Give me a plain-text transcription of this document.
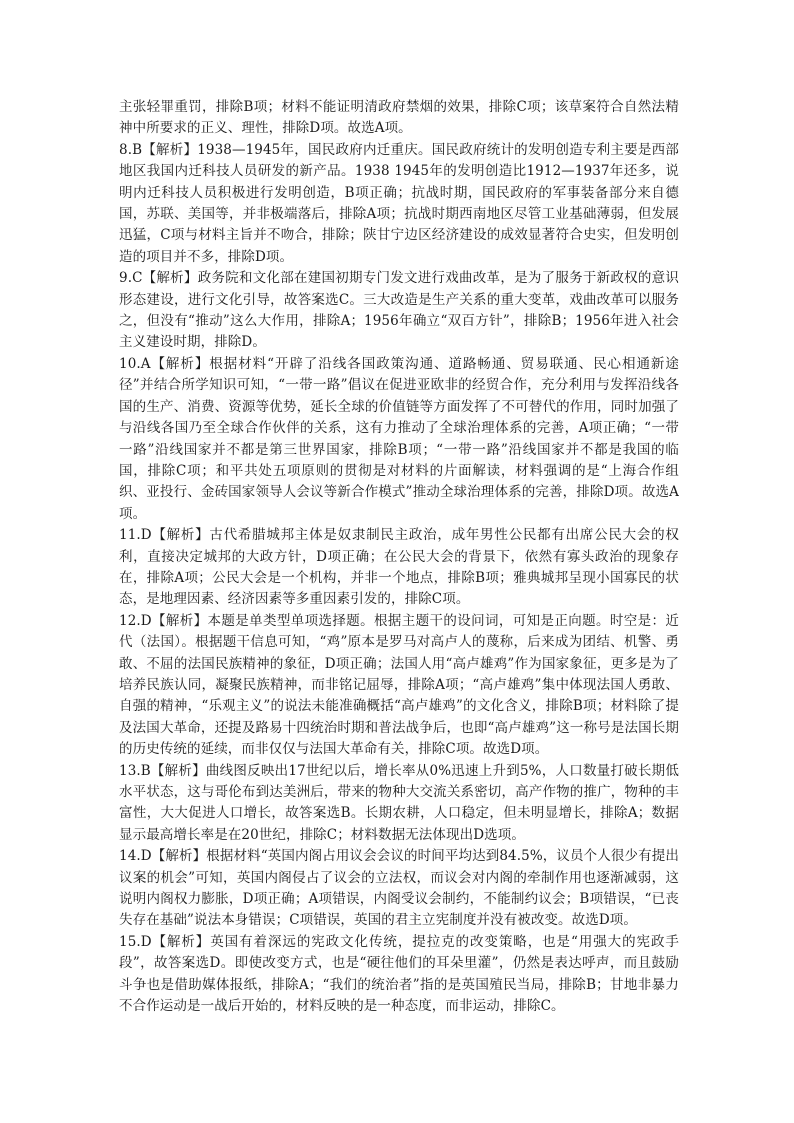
主张轻罪重罚，排除B项；材料不能证明清政府禁烟的效果，排除C项；该草案符合自然法精神中所要求的正义、理性，排除D项。故选A项。

8.B【解析】1938—1945年，国民政府内迁重庆。国民政府统计的发明创造专利主要是西部地区我国内迁科技人员研发的新产品。1938 1945年的发明创造比1912—1937年还多，说明内迁科技人员积极进行发明创造，B项正确；抗战时期，国民政府的军事装备部分来自德国，苏联、美国等，并非极端落后，排除A项；抗战时期西南地区尽管工业基础薄弱，但发展迅猛，C项与材料主旨并不吻合，排除；陕甘宁边区经济建设的成效显著符合史实，但发明创造的项目并不多，排除D项。

9.C【解析】政务院和文化部在建国初期专门发文进行戏曲改革，是为了服务于新政权的意识形态建设，进行文化引导，故答案选C。三大改造是生产关系的重大变革，戏曲改革可以服务之，但没有“推动”这么大作用，排除A；1956年确立“双百方针”，排除B；1956年进入社会主义建设时期，排除D。

10.A【解析】根据材料“开辟了沿线各国政策沟通、道路畅通、贸易联通、民心相通新途径”并结合所学知识可知，“一带一路”倡议在促进亚欧非的经贸合作，充分利用与发挥沿线各国的生产、消费、资源等优势，延长全球的价值链等方面发挥了不可替代的作用，同时加强了与沿线各国乃至全球合作伙伴的关系，这有力推动了全球治理体系的完善，A项正确；“一带一路”沿线国家并不都是第三世界国家，排除B项；“一带一路”沿线国家并不都是我国的临国，排除C项；和平共处五项原则的贯彻是对材料的片面解读，材料强调的是“上海合作组织、亚投行、金砖国家领导人会议等新合作模式”推动全球治理体系的完善，排除D项。故选A项。

11.D【解析】古代希腊城邦主体是奴隶制民主政治，成年男性公民都有出席公民大会的权利，直接决定城邦的大政方针，D项正确；在公民大会的背景下，依然有寡头政治的现象存在，排除A项；公民大会是一个机构，并非一个地点，排除B项；雅典城邦呈现小国寡民的状态，是地理因素、经济因素等多重因素引发的，排除C项。

12.D【解析】本题是单类型单项选择题。根据主题干的设问词，可知是正向题。时空是：近代（法国）。根据题干信息可知，“鸡”原本是罗马对高卢人的蔑称，后来成为团结、机警、勇敢、不屈的法国民族精神的象征，D项正确；法国人用“高卢雄鸡”作为国家象征，更多是为了培养民族认同，凝聚民族精神，而非铭记屈辱，排除A项；“高卢雄鸡”集中体现法国人勇敢、自强的精神，“乐观主义”的说法未能准确概括“高卢雄鸡”的文化含义，排除B项；材料除了提及法国大革命，还提及路易十四统治时期和普法战争后，也即“高卢雄鸡”这一称号是法国长期的历史传统的延续，而非仅仅与法国大革命有关，排除C项。故选D项。

13.B【解析】曲线图反映出17世纪以后，增长率从0%迅速上升到5%，人口数量打破长期低水平状态，这与哥伦布到达美洲后，带来的物种大交流关系密切，高产作物的推广，物种的丰富性，大大促进人口增长，故答案选B。长期农耕，人口稳定，但未明显增长，排除A；数据显示最高增长率是在20世纪，排除C；材料数据无法体现出D选项。

14.D【解析】根据材料“英国内阁占用议会会议的时间平均达到84.5%，议员个人很少有提出议案的机会”可知，英国内阁侵占了议会的立法权，而议会对内阁的牵制作用也逐渐减弱，这说明内阁权力膨胀，D项正确；A项错误，内阁受议会制约，不能制约议会；B项错误，“已丧失存在基础”说法本身错误；C项错误，英国的君主立宪制度并没有被改变。故选D项。

15.D【解析】英国有着深远的宪政文化传统，提拉克的改变策略，也是“用强大的宪政手段”，故答案选D。即使改变方式，也是“硬往他们的耳朵里灌”，仍然是表达呼声，而且鼓励斗争也是借助媒体报纸，排除A；“我们的统治者”指的是英国殖民当局，排除B；甘地非暴力不合作运动是一战后开始的，材料反映的是一种态度，而非运动，排除C。
